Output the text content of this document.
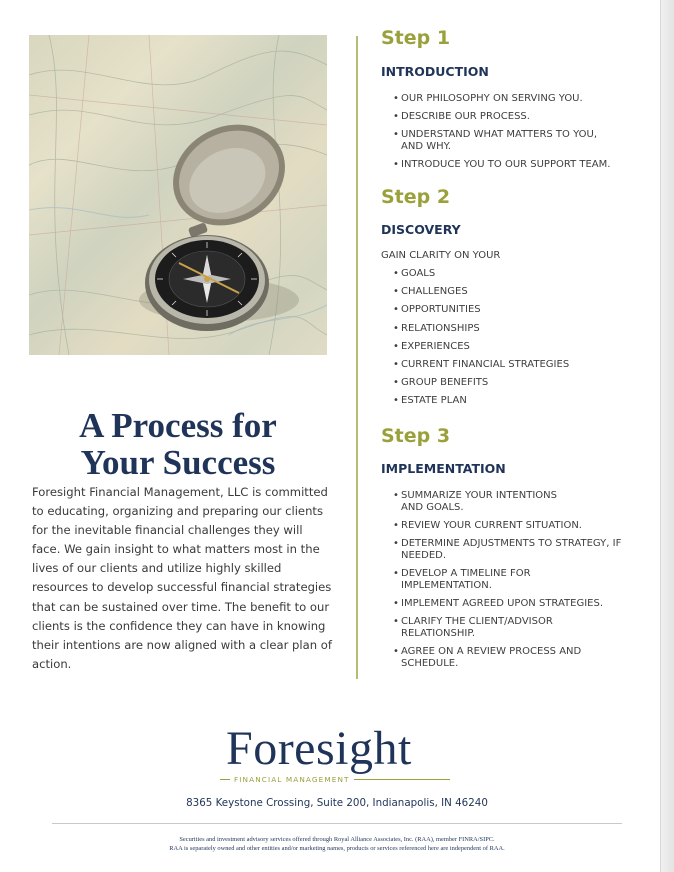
A Process for
Your Success

Foresight Financial Management, LLC is committed to educating, organizing and preparing our clients for the inevitable financial challenges they will face. We gain insight to what matters most in the lives of our clients and utilize highly skilled resources to develop successful financial strategies that can be sustained over time. The benefit to our clients is the confidence they can have in knowing their intentions are now aligned with a clear plan of action.

Step 1
INTRODUCTION
• OUR PHILOSOPHY ON SERVING YOU.
• DESCRIBE OUR PROCESS.
• UNDERSTAND WHAT MATTERS TO YOU, AND WHY.
• INTRODUCE YOU TO OUR SUPPORT TEAM.
Step 2
DISCOVERY

GAIN CLARITY ON YOUR

• GOALS
• CHALLENGES
• OPPORTUNITIES
• RELATIONSHIPS
• EXPERIENCES
• CURRENT FINANCIAL STRATEGIES
• GROUP BENEFITS
• ESTATE PLAN
Step 3
IMPLEMENTATION
• SUMMARIZE YOUR INTENTIONS AND GOALS.
• REVIEW YOUR CURRENT SITUATION.
• DETERMINE ADJUSTMENTS TO STRATEGY, IF NEEDED.
• DEVELOP A TIMELINE FOR IMPLEMENTATION.
• IMPLEMENT AGREED UPON STRATEGIES.
• CLARIFY THE CLIENT/ADVISOR RELATIONSHIP.
• AGREE ON A REVIEW PROCESS AND SCHEDULE.
Foresight
FINANCIAL MANAGEMENT

8365 Keystone Crossing, Suite 200, Indianapolis, IN 46240

Securities and investment advisory services offered through Royal Alliance Associates, Inc. (RAA), member FINRA/SIPC.
RAA is separately owned and other entities and/or marketing names, products or services referenced here are independent of RAA.
